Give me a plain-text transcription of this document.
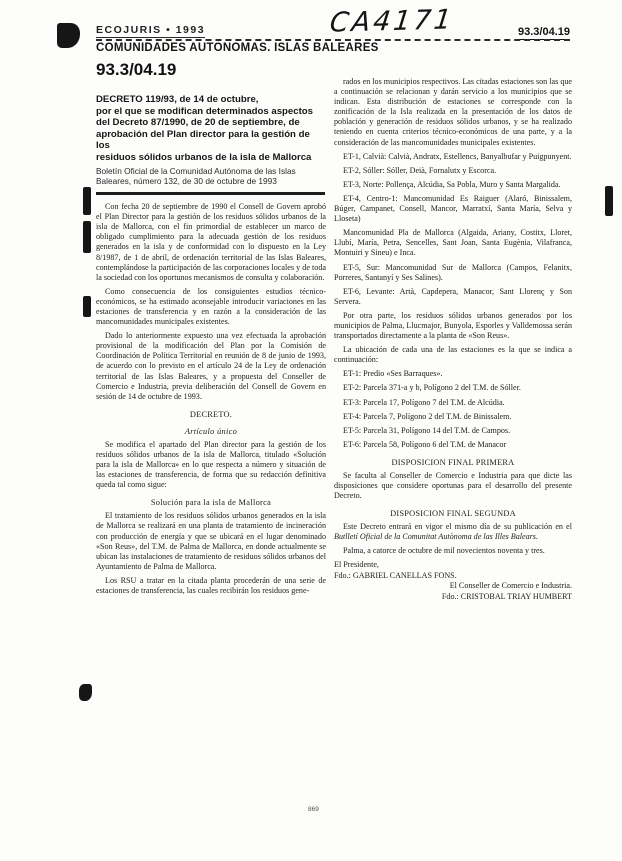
ECOJURIS • 1993	CA4171	93.3/04.19
COMUNIDADES AUTONOMAS. ISLAS BALEARES
93.3/04.19
DECRETO 119/93, de 14 de octubre,
por el que se modifican determinados aspectos
del Decreto 87/1990, de 20 de septiembre, de
aprobación del Plan director para la gestión de los
residuos sólidos urbanos de la isla de Mallorca
Boletín Oficial de la Comunidad Autónoma de las Islas Baleares, número 132, de 30 de octubre de 1993

Con fecha 20 de septiembre de 1990 el Consell de Govern aprobó el Plan Director para la gestión de los residuos sólidos urbanos de la isla de Mallorca, con el fin primordial de establecer un marco de obligado cumplimiento para la adecuada gestión de los residuos generados en la isla y de conformidad con lo dispuesto en la Ley 8/1987, de 1 de abril, de ordenación territorial de las Islas Baleares, contemplándose la participación de las corporaciones locales y de toda la sociedad con los oportunos mecanismos de consulta y colaboración.

Como consecuencia de los consiguientes estudios técnico-económicos, se ha estimado aconsejable introducir variaciones en las estaciones de transferencia y en razón a la consideración de las mancomunidades municipales existentes.

Dado lo anteriormente expuesto una vez efectuada la aprobación provisional de la modificación del Plan por la Comisión de Coordinación de Política Territorial en reunión de 8 de junio de 1993, de acuerdo con lo previsto en el artículo 24 de la Ley de ordenación territorial de las Islas Baleares, y a propuesta del Conseller de Comercio e Industria, previa deliberación del Consell de Govern en sesión de 14 de octubre de 1993.

DECRETO.
Artículo único

Se modifica el apartado del Plan director para la gestión de los residuos sólidos urbanos de la isla de Mallorca, titulado «Solución para la isla de Mallorca» en lo que respecta a número y situación de las estaciones de transferencia, de forma que su redacción definitiva queda tal como sigue:

Solución para la isla de Mallorca

El tratamiento de los residuos sólidos urbanos generados en la isla de Mallorca se realizará en una planta de tratamiento de incineración con producción de energía y que se ubicará en el lugar denominado «Son Reus», del T.M. de Palma de Mallorca, en donde actualmente se ubican las instalaciones de tratamiento de residuos sólidos urbanos del Ayuntamiento de Palma de Mallorca.

Los RSU a tratar en la citada planta procederán de una serie de estaciones de transferencia, las cuales recibirán los residuos gene-

rados en los municipios respectivos. Las citadas estaciones son las que a continuación se relacionan y darán servicio a los municipios que se indican. Esta distribución de estaciones se corresponde con la zonificación de la Isla realizada en la presentación de los datos de población y generación de residuos sólidos urbanos, y se ha realizado teniendo en cuenta criterios técnico-económicos de una parte, y a la consideración de las mancomunidades municipales existentes.

ET-1, Calvià: Calvià, Andratx, Estellencs, Banyalbufar y Puigpunyent.

ET-2, Sóller: Sóller, Deià, Fornalutx y Escorca.

ET-3, Norte: Pollença, Alcúdia, Sa Pobla, Muro y Santa Margalida.

ET-4, Centro-1: Mancomunidad Es Raiguer (Alaró, Binissalem, Búger, Campanet, Consell, Mancor, Marratxí, Santa María, Selva y Lloseta)

Mancomunidad Pla de Mallorca (Algaida, Ariany, Costitx, Lloret, Llubí, María, Petra, Sencelles, Sant Joan, Santa Eugènia, Vilafranca, Montuiri y Sineu) e Inca.

ET-5, Sur: Mancomunidad Sur de Mallorca (Campos, Felanitx, Porreres, Santanyí y Ses Salines).

ET-6, Levante: Artà, Capdepera, Manacor, Sant Llorenç y Son Servera.

Por otra parte, los residuos sólidos urbanos generados por los municipios de Palma, Llucmajor, Bunyola, Esporles y Valldemossa serán transportados directamente a la planta de «Son Reus».

La ubicación de cada una de las estaciones es la que se indica a continuación:

ET-1: Predio «Ses Barraques».

ET-2: Parcela 371-a y b, Polígono 2 del T.M. de Sóller.

ET-3: Parcela 17, Polígono 7 del T.M. de Alcúdia.

ET-4: Parcela 7, Polígono 2 del T.M. de Binissalem.

ET-5: Parcela 31, Polígono 14 del T.M. de Campos.

ET-6: Parcela 58, Polígono 6 del T.M. de Manacor

DISPOSICION FINAL PRIMERA

Se faculta al Conseller de Comercio e Industria para que dicte las disposiciones que considere oportunas para el desarrollo del presente Decreto.

DISPOSICION FINAL SEGUNDA

Este Decreto entrará en vigor el mismo día de su publicación en el Butlletí Oficial de la Comunitat Autònoma de las Illes Balears.

Palma, a catorce de octubre de mil novecientos noventa y tres.

El Presidente,

Fdo.: GABRIEL CANELLAS FONS.

El Conseller de Comercio e Industria.

Fdo.: CRISTOBAL TRIAY HUMBERT

869
